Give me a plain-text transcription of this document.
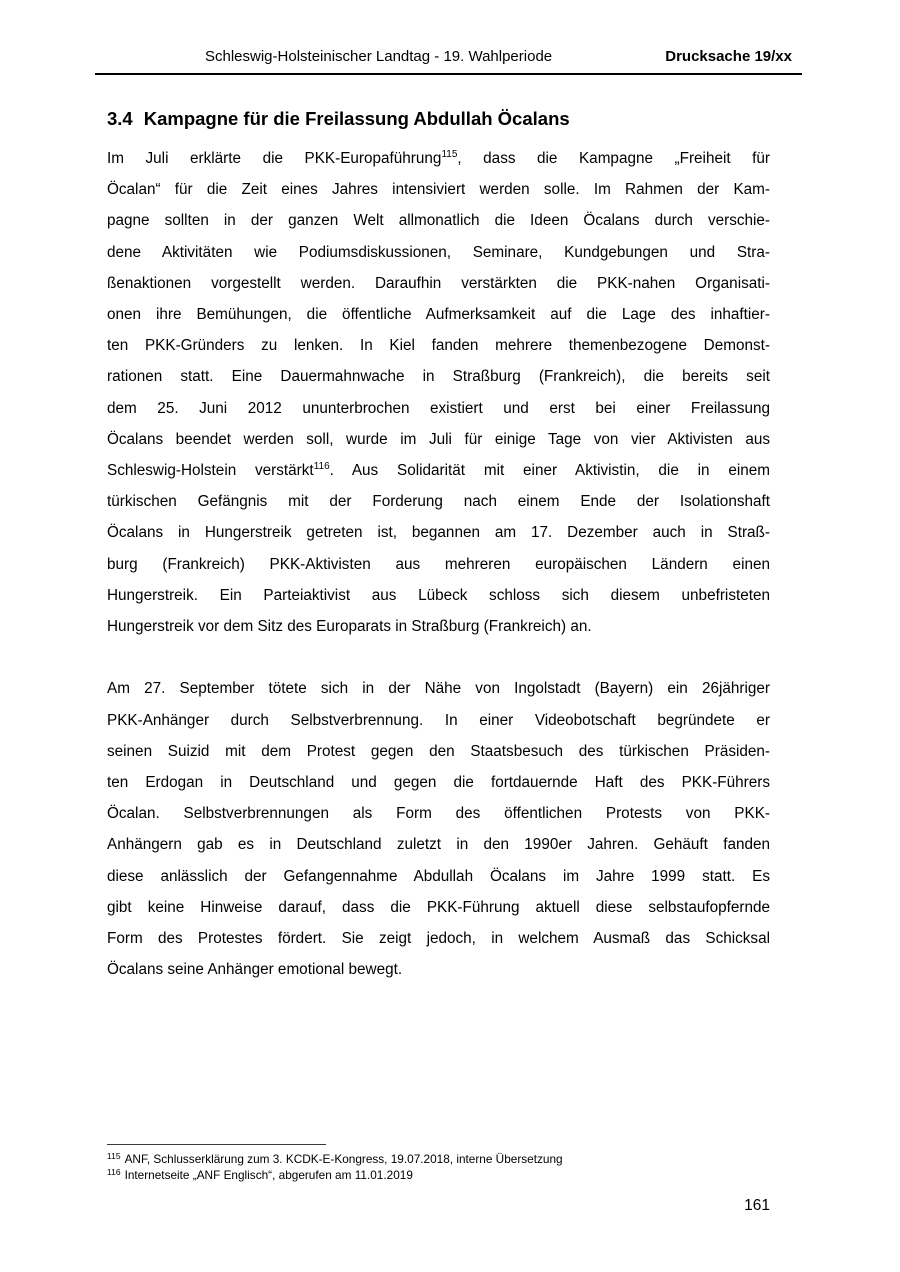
Schleswig-Holsteinischer Landtag - 19. Wahlperiode	Drucksache 19/xx
3.4 Kampagne für die Freilassung Abdullah Öcalans
Im Juli erklärte die PKK-Europaführung$^{115}$, dass die Kampagne „Freiheit für
Öcalan“ für die Zeit eines Jahres intensiviert werden solle. Im Rahmen der Kam-
pagne sollten in der ganzen Welt allmonatlich die Ideen Öcalans durch verschie-
dene Aktivitäten wie Podiumsdiskussionen, Seminare, Kundgebungen und Stra-
ßenaktionen vorgestellt werden. Daraufhin verstärkten die PKK-nahen Organisati-
onen ihre Bemühungen, die öffentliche Aufmerksamkeit auf die Lage des inhaftier-
ten PKK-Gründers zu lenken. In Kiel fanden mehrere themenbezogene Demonst-
rationen statt. Eine Dauermahnwache in Straßburg (Frankreich), die bereits seit
dem 25. Juni 2012 ununterbrochen existiert und erst bei einer Freilassung
Öcalans beendet werden soll, wurde im Juli für einige Tage von vier Aktivisten aus
Schleswig-Holstein verstärkt$^{116}$. Aus Solidarität mit einer Aktivistin, die in einem
türkischen Gefängnis mit der Forderung nach einem Ende der Isolationshaft
Öcalans in Hungerstreik getreten ist, begannen am 17. Dezember auch in Straß-
burg (Frankreich) PKK-Aktivisten aus mehreren europäischen Ländern einen
Hungerstreik. Ein Parteiaktivist aus Lübeck schloss sich diesem unbefristeten
Hungerstreik vor dem Sitz des Europarats in Straßburg (Frankreich) an.
Am 27. September tötete sich in der Nähe von Ingolstadt (Bayern) ein 26jähriger
PKK-Anhänger durch Selbstverbrennung. In einer Videobotschaft begründete er
seinen Suizid mit dem Protest gegen den Staatsbesuch des türkischen Präsiden-
ten Erdogan in Deutschland und gegen die fortdauernde Haft des PKK-Führers
Öcalan. Selbstverbrennungen als Form des öffentlichen Protests von PKK-
Anhängern gab es in Deutschland zuletzt in den 1990er Jahren. Gehäuft fanden
diese anlässlich der Gefangennahme Abdullah Öcalans im Jahre 1999 statt. Es
gibt keine Hinweise darauf, dass die PKK-Führung aktuell diese selbstaufopfernde
Form des Protestes fördert. Sie zeigt jedoch, in welchem Ausmaß das Schicksal
Öcalans seine Anhänger emotional bewegt.
$^{115}$ ANF, Schlusserklärung zum 3. KCDK-E-Kongress, 19.07.2018, interne Übersetzung
$^{116}$ Internetseite „ANF Englisch“, abgerufen am 11.01.2019
161
